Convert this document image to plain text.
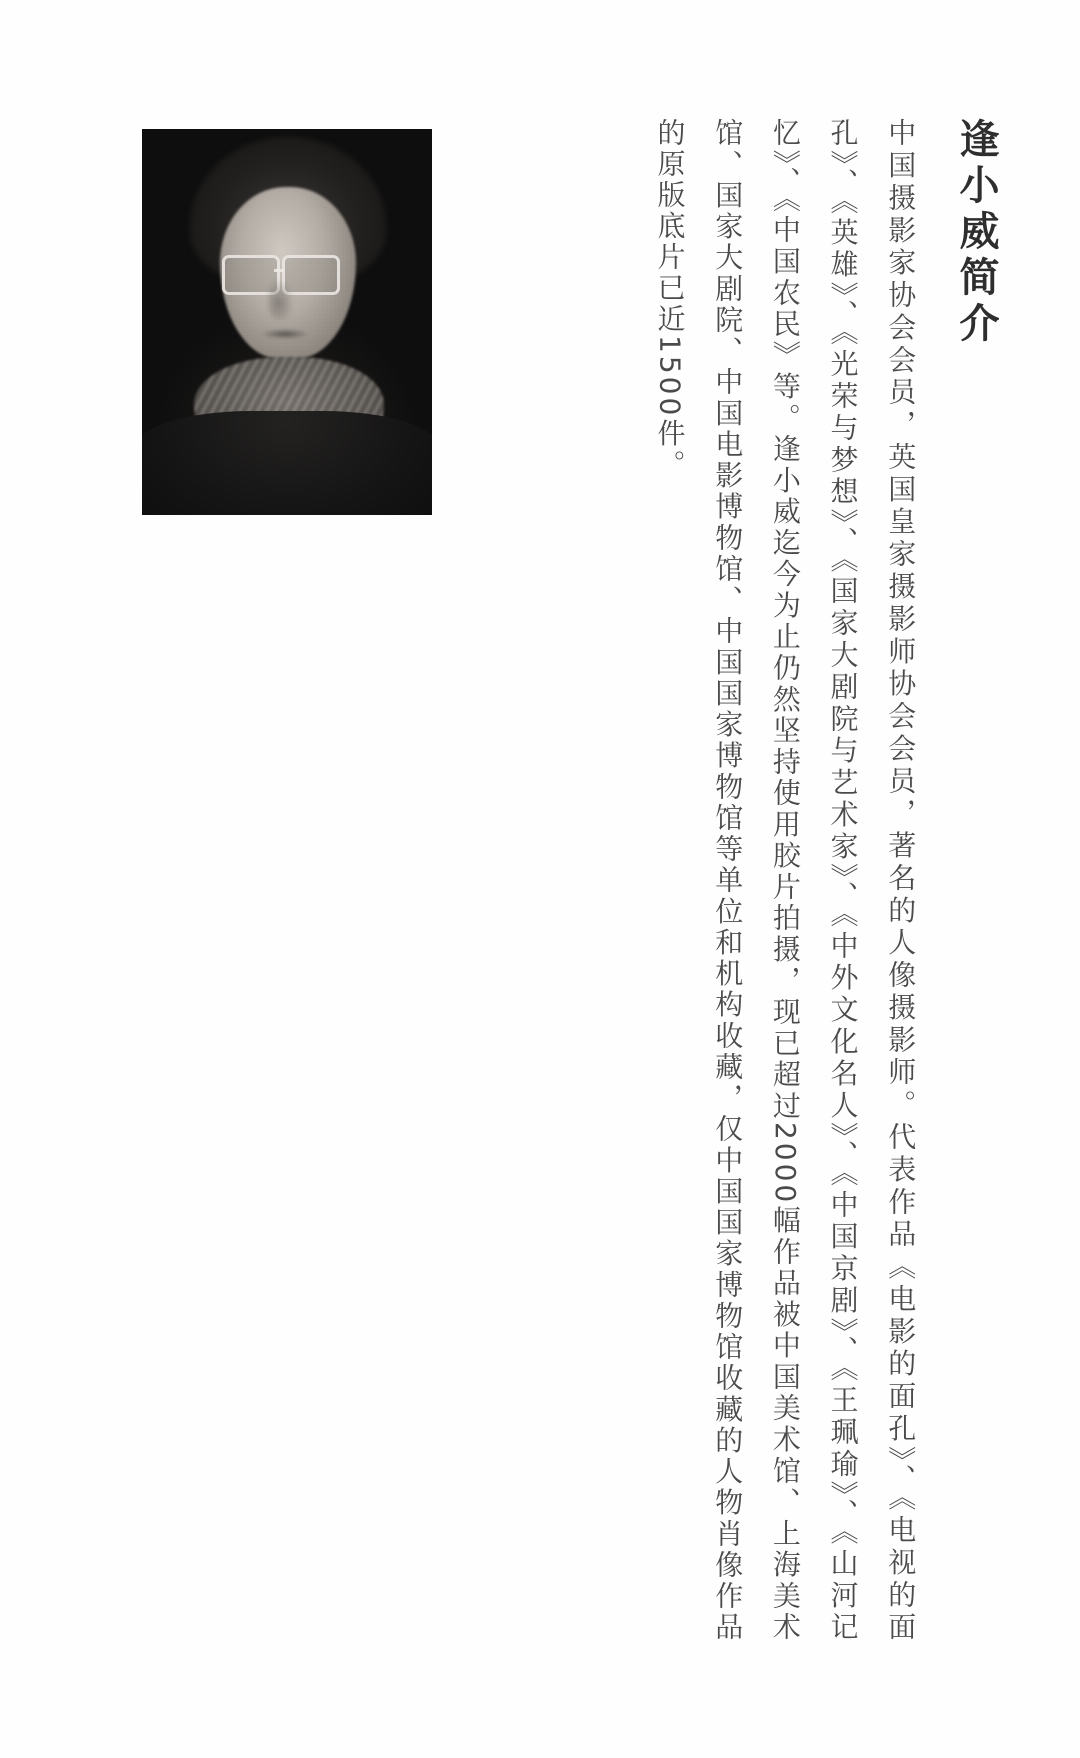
逢小威简介
中国摄影家协会会员，英国皇家摄影师协会会员，著名的人像摄影师。代表作品《电影的面孔》、《电视的面孔》、《英雄》、《光荣与梦想》、《国家大剧院与艺术家》、《中外文化名人》、《中国京剧》、《王珮瑜》、《山河记忆》、《中国农民》等。逢小威迄今为止仍然坚持使用胶片拍摄，现已超过2000幅作品被中国美术馆、上海美术馆、国家大剧院、中国电影博物馆、中国国家博物馆等单位和机构收藏，仅中国国家博物馆收藏的人物肖像作品的原版底片已近1500件。
